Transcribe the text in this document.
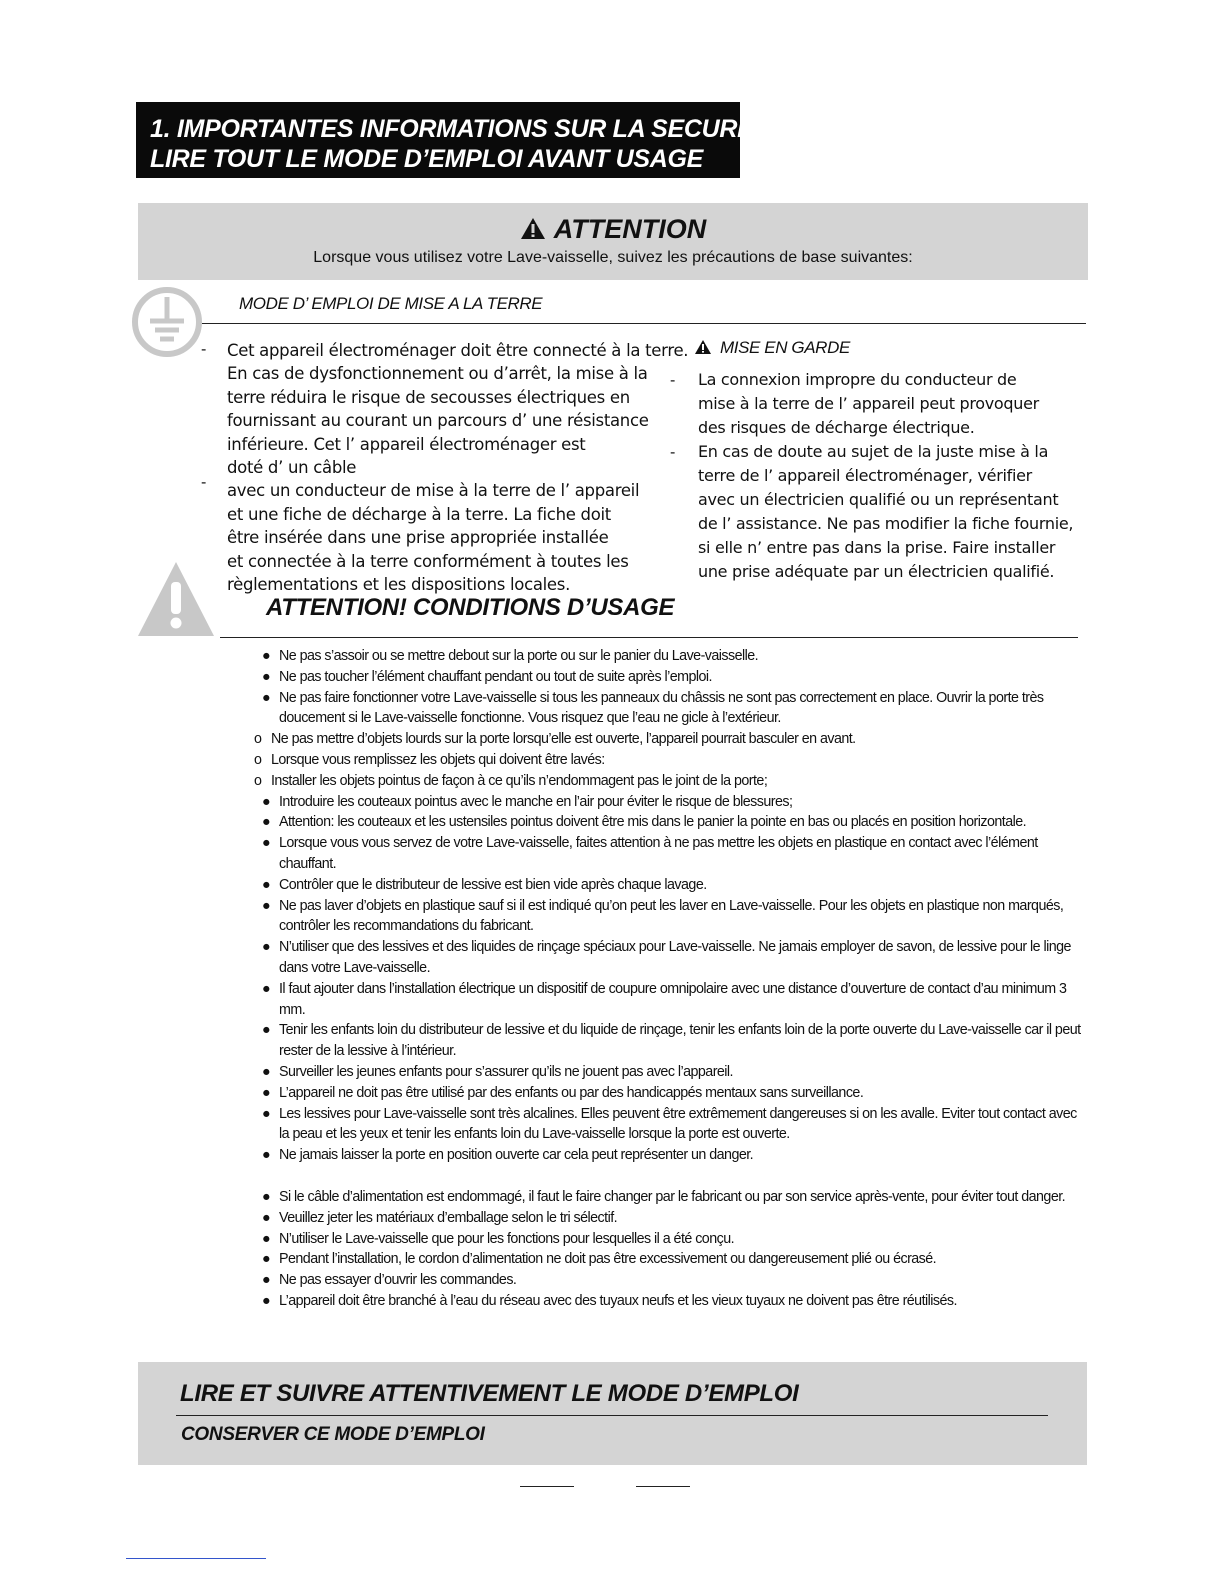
1. IMPORTANTES INFORMATIONS SUR LA SECURITE
LIRE TOUT LE MODE D’EMPLOI AVANT USAGE
ATTENTION
Lorsque vous utilisez votre Lave-vaisselle, suivez les précautions de base suivantes:
MODE D’ EMPLOI DE MISE A LA TERRE
-
-
-
-

Cet appareil électroménager doit être connecté à la terre.

En cas de dysfonctionnement ou d’arrêt, la mise à la

terre réduira le risque de secousses électriques en

fournissant au courant un parcours d’ une résistance

inférieure. Cet l’ appareil électroménager est

doté d’ un câble

avec un conducteur de mise à la terre de l’ appareil

et une fiche de décharge à la terre. La fiche doit

être insérée dans une prise appropriée installée

et connectée à la terre conformément à toutes les

règlementations et les dispositions locales.

MISE EN GARDE

La connexion impropre du conducteur de

mise à la terre de l’ appareil peut provoquer

des risques de décharge électrique.

En cas de doute au sujet de la juste mise à la

terre de l’ appareil électroménager, vérifier

avec un électricien qualifié ou un représentant

de l’ assistance. Ne pas modifier la fiche fournie,

si elle n’ entre pas dans la prise. Faire installer

une prise adéquate par un électricien qualifié.

ATTENTION! CONDITIONS D’USAGE
● Ne pas s’assoir ou se mettre debout sur la porte ou sur le panier du Lave-vaisselle.
● Ne pas toucher l’élément chauffant pendant ou tout de suite après l’emploi.
● Ne pas faire fonctionner votre Lave-vaisselle si tous les panneaux du châssis ne sont pas correctement en place. Ouvrir la porte très doucement si le Lave-vaisselle fonctionne. Vous risquez que l’eau ne gicle à l’extérieur.
o Ne pas mettre d’objets lourds sur la porte lorsqu’elle est ouverte, l’appareil pourrait basculer en avant.
o Lorsque vous remplissez les objets qui doivent être lavés:
o Installer les objets pointus de façon à ce qu’ils n’endommagent pas le joint de la porte;
● Introduire les couteaux pointus avec le manche en l’air pour éviter le risque de blessures;
● Attention: les couteaux et les ustensiles pointus doivent être mis dans le panier la pointe en bas ou placés en position horizontale.
● Lorsque vous vous servez de votre Lave-vaisselle, faites attention à ne pas mettre les objets en plastique en contact avec l’élément chauffant.
● Contrôler que le distributeur de lessive est bien vide après chaque lavage.
● Ne pas laver d’objets en plastique sauf si il est indiqué qu’on peut les laver en Lave-vaisselle. Pour les objets en plastique non marqués, contrôler les recommandations du fabricant.
● N’utiliser que des lessives et des liquides de rinçage spéciaux pour Lave-vaisselle. Ne jamais employer de savon, de lessive pour le linge dans votre Lave-vaisselle.
● Il faut ajouter dans l’installation électrique un dispositif de coupure omnipolaire avec une distance d’ouverture de contact d’au minimum 3 mm.
● Tenir les enfants loin du distributeur de lessive et du liquide de rinçage, tenir les enfants loin de la porte ouverte du Lave-vaisselle car il peut rester de la lessive à l’intérieur.
● Surveiller les jeunes enfants pour s’assurer qu’ils ne jouent pas avec l’appareil.
● L’appareil ne doit pas être utilisé par des enfants ou par des handicappés mentaux sans surveillance.
● Les lessives pour Lave-vaisselle sont très alcalines. Elles peuvent être extrêmement dangereuses si on les avalle. Eviter tout contact avec la peau et les yeux et tenir les enfants loin du Lave-vaisselle lorsque la porte est ouverte.
● Ne jamais laisser la porte en position ouverte car cela peut représenter un danger.
● Si le câble d’alimentation est endommagé, il faut le faire changer par le fabricant ou par son service après-vente, pour éviter tout danger.
● Veuillez jeter les matériaux d’emballage selon le tri sélectif.
● N’utiliser le Lave-vaisselle que pour les fonctions pour lesquelles il a été conçu.
● Pendant l’installation, le cordon d’alimentation ne doit pas être excessivement ou dangereusement plié ou écrasé.
● Ne pas essayer d’ouvrir les commandes.
● L’appareil doit être branché à l’eau du réseau avec des tuyaux neufs et les vieux tuyaux ne doivent pas être réutilisés.
LIRE ET SUIVRE ATTENTIVEMENT LE MODE D’EMPLOI
CONSERVER CE MODE D’EMPLOI
